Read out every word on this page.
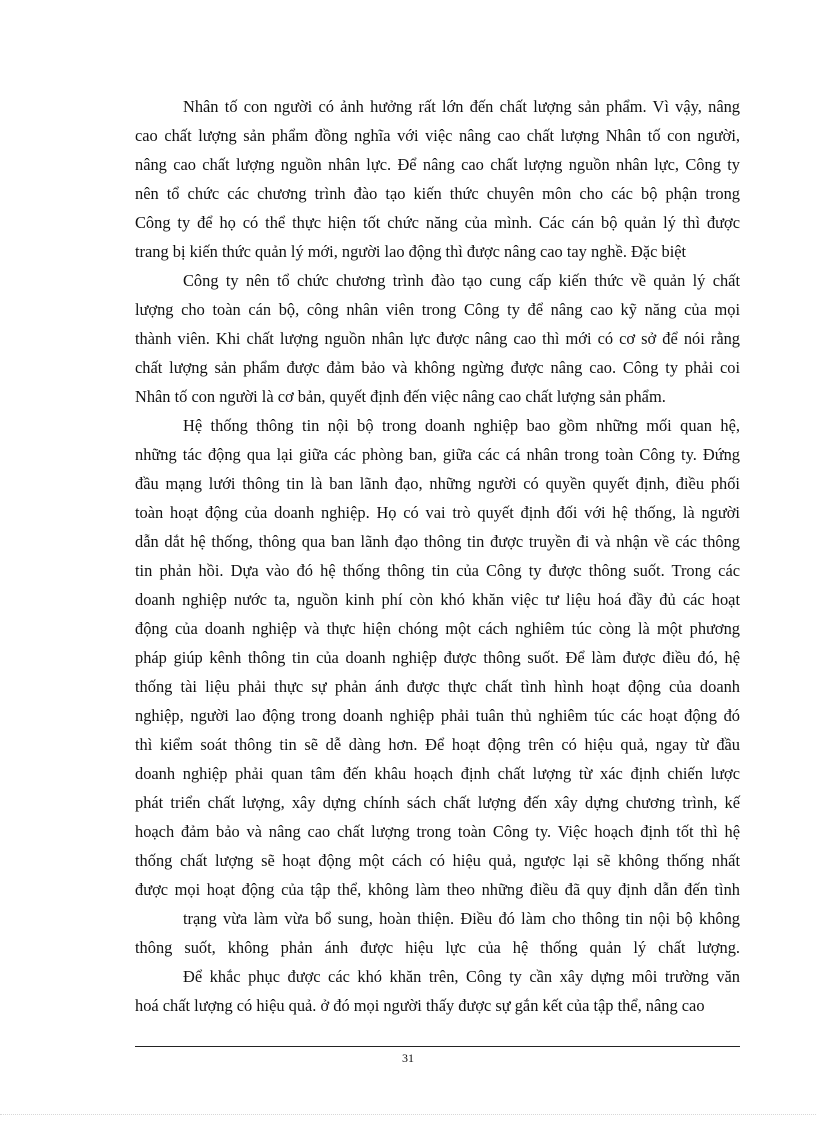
Nhân tố con người có ảnh hưởng rất lớn đến chất lượng sản phẩm. Vì vậy, nâng
cao chất lượng sản phẩm đồng nghĩa với việc nâng cao chất lượng Nhân tố con người,
nâng cao chất lượng nguồn nhân lực. Để nâng cao chất lượng nguồn nhân lực, Công ty
nên tổ chức các chương trình đào tạo kiến thức chuyên môn cho các bộ phận trong
Công ty để họ có thể thực hiện tốt chức năng của mình. Các cán bộ quản lý thì được
trang bị kiến thức quản lý mới, người lao động thì được nâng cao tay nghề. Đặc biệt
Công ty nên tổ chức chương trình đào tạo cung cấp kiến thức về quản lý chất
lượng cho toàn cán bộ, công nhân viên trong Công ty để nâng cao kỹ năng của mọi
thành viên. Khi chất lượng nguồn nhân lực được nâng cao thì mới có cơ sở để nói rằng
chất lượng sản phẩm được đảm bảo và không ngừng được nâng cao. Công ty phải coi
Nhân tố con người là cơ bản, quyết định đến việc nâng cao chất lượng sản phẩm.
Hệ thống thông tin nội bộ trong doanh nghiệp bao gồm những mối quan hệ,
những tác động qua lại giữa các phòng ban, giữa các cá nhân trong toàn Công ty. Đứng
đầu mạng lưới thông tin là ban lãnh đạo, những người có quyền quyết định, điều phối
toàn hoạt động của doanh nghiệp. Họ có vai trò quyết định đối với hệ thống, là người
dẫn dắt hệ thống, thông qua ban lãnh đạo thông tin được truyền đi và nhận về các thông
tin phản hồi. Dựa vào đó hệ thống thông tin của Công ty được thông suốt. Trong các
doanh nghiệp nước ta, nguồn kinh phí còn khó khăn việc tư liệu hoá đầy đủ các hoạt
động của doanh nghiệp và thực hiện chóng một cách nghiêm túc còng là một phương
pháp giúp kênh thông tin của doanh nghiệp được thông suốt. Để làm được điều đó, hệ
thống tài liệu phải thực sự phản ánh được thực chất tình hình hoạt động của doanh
nghiệp, người lao động trong doanh nghiệp phải tuân thủ nghiêm túc các hoạt động đó
thì kiểm soát thông tin sẽ dễ dàng hơn. Để hoạt động trên có hiệu quả, ngay từ đầu
doanh nghiệp phải quan tâm đến khâu hoạch định chất lượng từ xác định chiến lược
phát triển chất lượng, xây dựng chính sách chất lượng đến xây dựng chương trình, kế
hoạch đảm bảo và nâng cao chất lượng trong toàn Công ty. Việc hoạch định tốt thì hệ
thống chất lượng sẽ hoạt động một cách có hiệu quả, ngược lại sẽ không thống nhất
được mọi hoạt động của tập thể, không làm theo những điều đã quy định dẫn đến tình
trạng vừa làm vừa bổ sung, hoàn thiện. Điều đó làm cho thông tin nội bộ không
thông suốt, không phản ánh được hiệu lực của hệ thống quản lý chất lượng.
Để khắc phục được các khó khăn trên, Công ty cần xây dựng môi trường văn
hoá chất lượng có hiệu quả. ở đó mọi người thấy được sự gắn kết của tập thể, nâng cao
31
